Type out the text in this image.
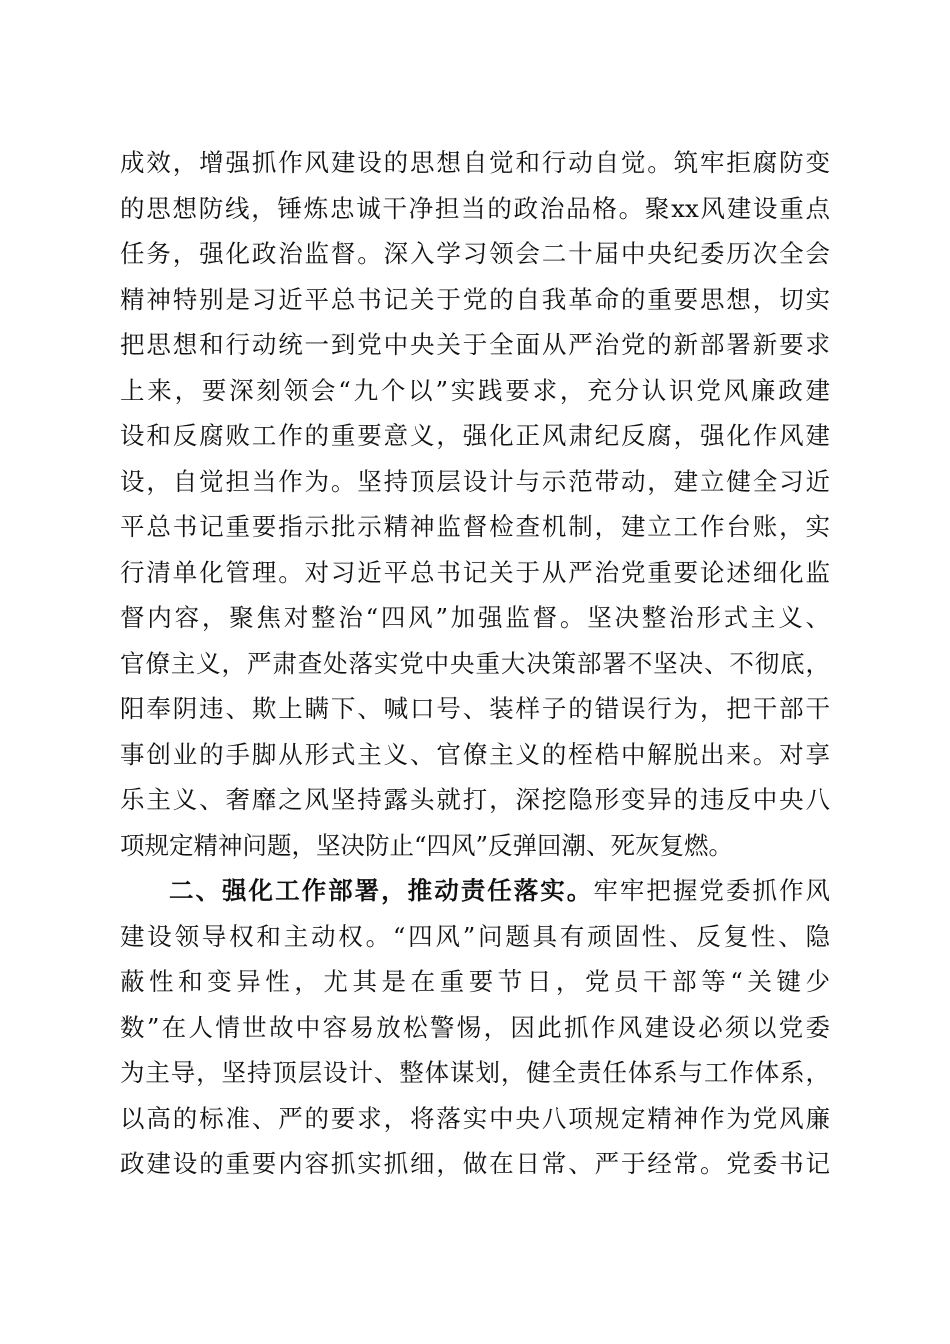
成效，增强抓作风建设的思想自觉和行动自觉。筑牢拒腐防变
的思想防线，锤炼忠诚干净担当的政治品格。聚xx风建设重点
任务，强化政治监督。深入学习领会二十届中央纪委历次全会
精神特别是习近平总书记关于党的自我革命的重要思想，切实
把思想和行动统一到党中央关于全面从严治党的新部署新要求
上来，要深刻领会“九个以”实践要求，充分认识党风廉政建
设和反腐败工作的重要意义，强化正风肃纪反腐，强化作风建
设，自觉担当作为。坚持顶层设计与示范带动，建立健全习近
平总书记重要指示批示精神监督检查机制，建立工作台账，实
行清单化管理。对习近平总书记关于从严治党重要论述细化监
督内容，聚焦对整治“四风”加强监督。坚决整治形式主义、
官僚主义，严肃查处落实党中央重大决策部署不坚决、不彻底，
阳奉阴违、欺上瞒下、喊口号、装样子的错误行为，把干部干
事创业的手脚从形式主义、官僚主义的桎梏中解脱出来。对享
乐主义、奢靡之风坚持露头就打，深挖隐形变异的违反中央八
项规定精神问题，坚决防止“四风”反弹回潮、死灰复燃。
二、强化工作部署，推动责任落实。牢牢把握党委抓作风
建设领导权和主动权。“四风”问题具有顽固性、反复性、隐
蔽性和变异性，尤其是在重要节日，党员干部等“关键少
数”在人情世故中容易放松警惕，因此抓作风建设必须以党委
为主导，坚持顶层设计、整体谋划，健全责任体系与工作体系，
以高的标准、严的要求，将落实中央八项规定精神作为党风廉
政建设的重要内容抓实抓细，做在日常、严于经常。党委书记
